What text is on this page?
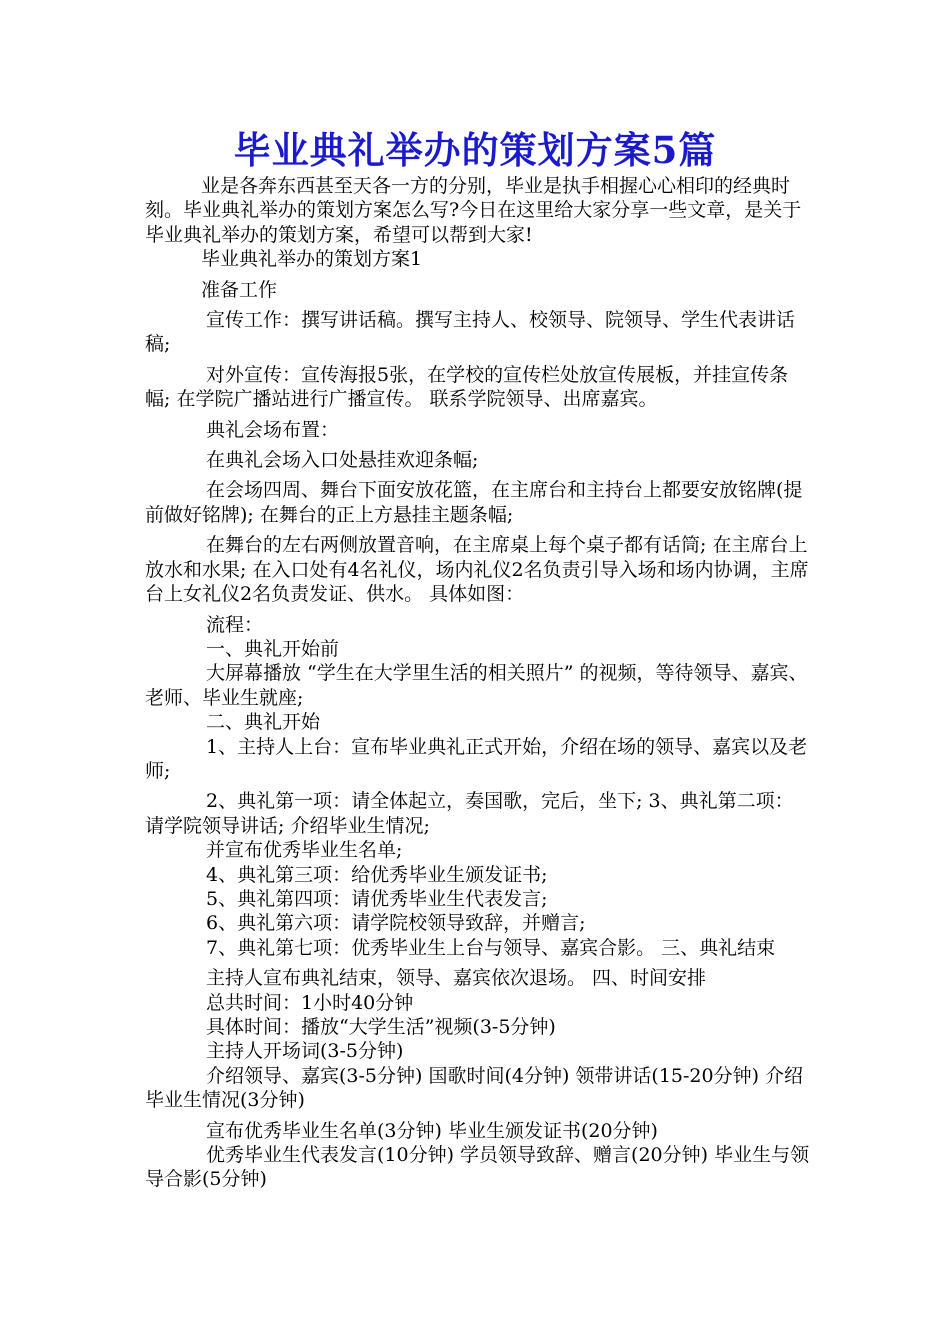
毕业典礼举办的策划方案5篇

业是各奔东西甚至天各一方的分别，毕业是执手相握心心相印的经典时刻。毕业典礼举办的策划方案怎么写?今日在这里给大家分享一些文章，是关于毕业典礼举办的策划方案，希望可以帮到大家!

毕业典礼举办的策划方案1

准备工作

宣传工作：撰写讲话稿。撰写主持人、校领导、院领导、学生代表讲话稿;

对外宣传：宣传海报5张，在学校的宣传栏处放宣传展板，并挂宣传条幅; 在学院广播站进行广播宣传。 联系学院领导、出席嘉宾。

典礼会场布置：

在典礼会场入口处悬挂欢迎条幅;

在会场四周、舞台下面安放花篮，在主席台和主持台上都要安放铭牌(提前做好铭牌); 在舞台的正上方悬挂主题条幅;

在舞台的左右两侧放置音响，在主席桌上每个桌子都有话筒; 在主席台上放水和水果; 在入口处有4名礼仪，场内礼仪2名负责引导入场和场内协调，主席台上女礼仪2名负责发证、供水。 具体如图：

流程：

一、典礼开始前

大屏幕播放 “学生在大学里生活的相关照片” 的视频，等待领导、嘉宾、老师、毕业生就座;

二、典礼开始

1、主持人上台：宣布毕业典礼正式开始，介绍在场的领导、嘉宾以及老师;

2、典礼第一项：请全体起立，奏国歌，完后，坐下; 3、典礼第二项：请学院领导讲话; 介绍毕业生情况;

并宣布优秀毕业生名单;

4、典礼第三项：给优秀毕业生颁发证书;

5、典礼第四项：请优秀毕业生代表发言;

6、典礼第六项：请学院校领导致辞，并赠言;

7、典礼第七项：优秀毕业生上台与领导、嘉宾合影。 三、典礼结束

主持人宣布典礼结束，领导、嘉宾依次退场。 四、时间安排

总共时间：1小时40分钟

具体时间：播放“大学生活”视频(3-5分钟)

主持人开场词(3-5分钟)

介绍领导、嘉宾(3-5分钟) 国歌时间(4分钟) 领带讲话(15-20分钟) 介绍毕业生情况(3分钟)

宣布优秀毕业生名单(3分钟) 毕业生颁发证书(20分钟)

优秀毕业生代表发言(10分钟) 学员领导致辞、赠言(20分钟) 毕业生与领导合影(5分钟)
